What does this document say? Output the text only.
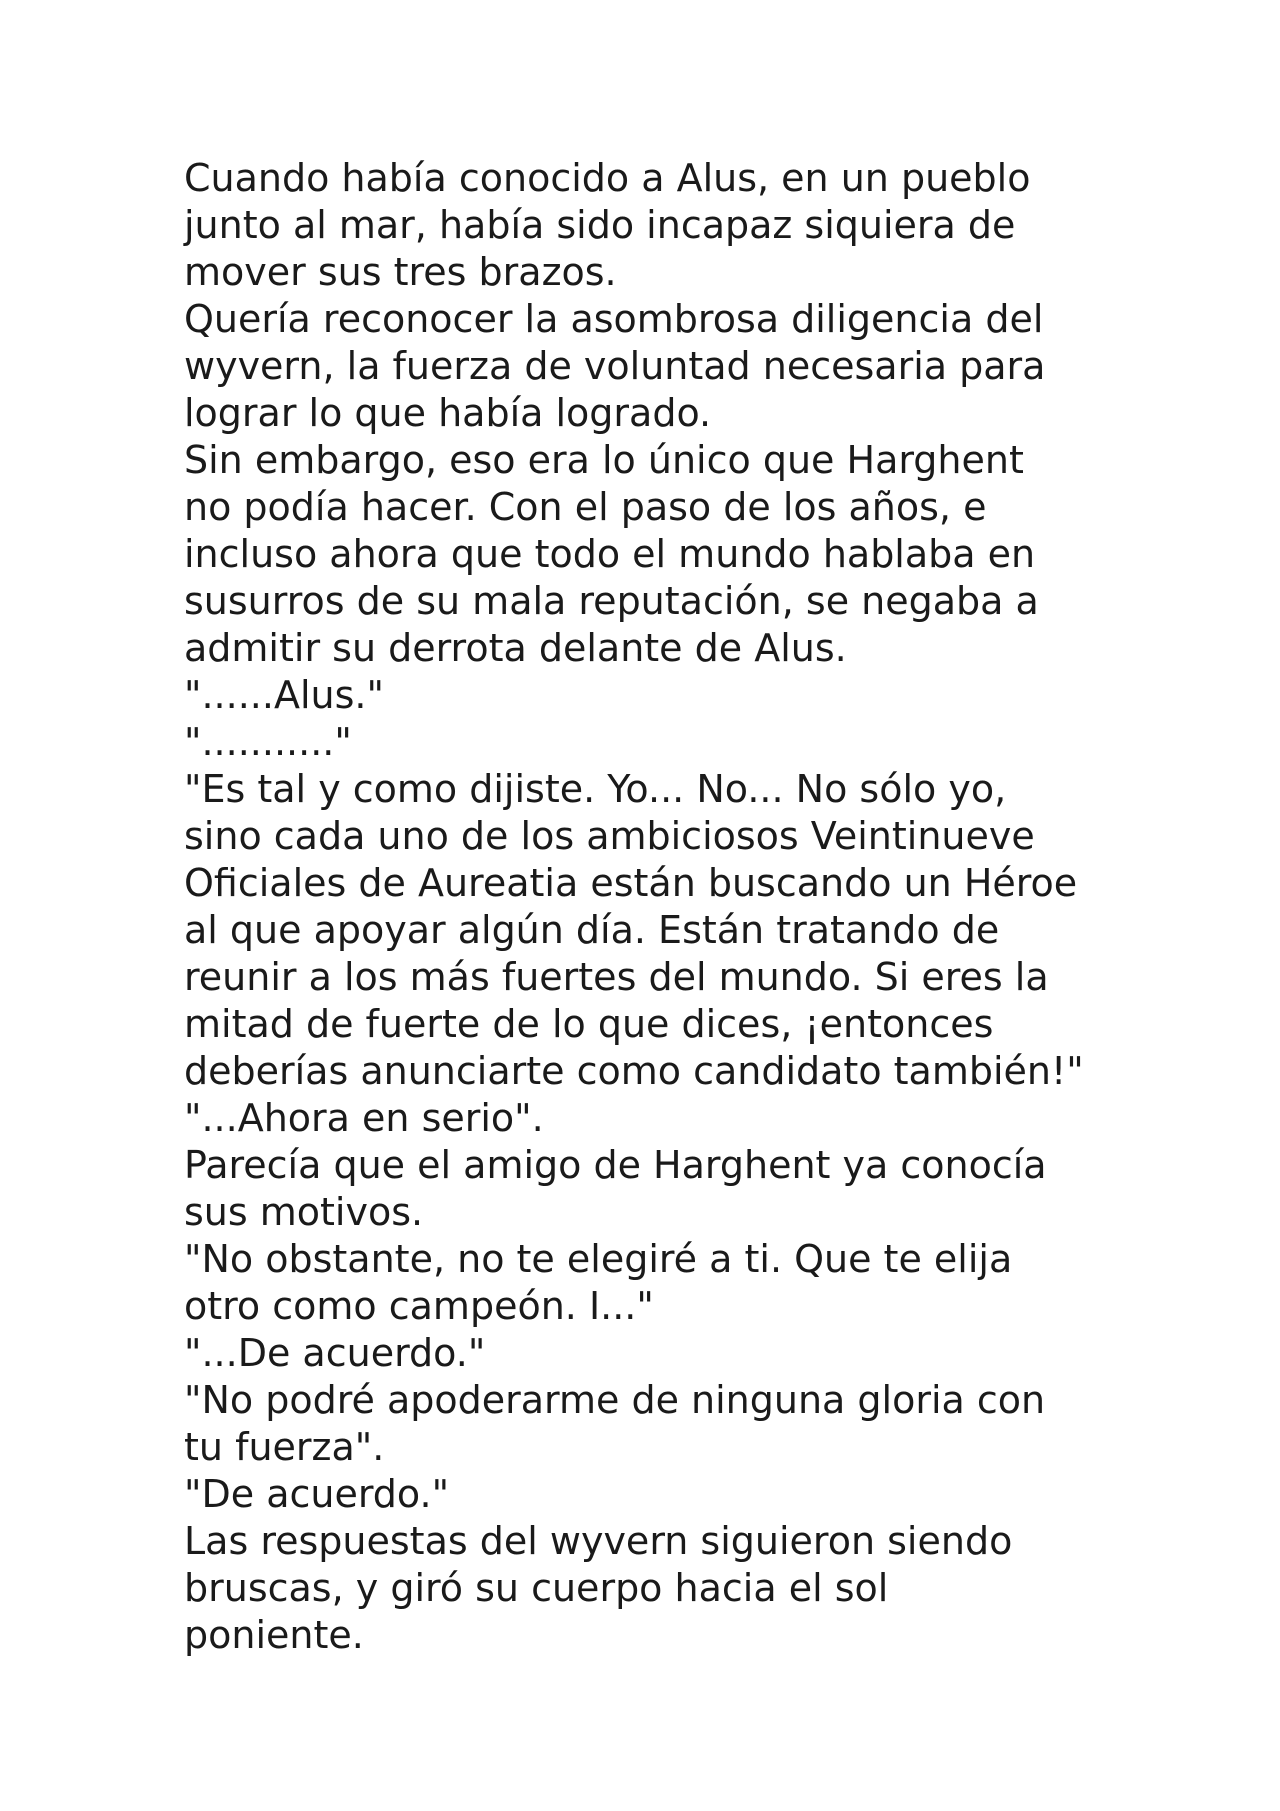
Cuando había conocido a Alus, en un pueblo

junto al mar, había sido incapaz siquiera de

mover sus tres brazos.

Quería reconocer la asombrosa diligencia del

wyvern, la fuerza de voluntad necesaria para

lograr lo que había logrado.

Sin embargo, eso era lo único que Harghent

no podía hacer. Con el paso de los años, e

incluso ahora que todo el mundo hablaba en

susurros de su mala reputación, se negaba a

admitir su derrota delante de Alus.

"......Alus."

"..........."

"Es tal y como dijiste. Yo... No... No sólo yo,

sino cada uno de los ambiciosos Veintinueve

Oficiales de Aureatia están buscando un Héroe

al que apoyar algún día. Están tratando de

reunir a los más fuertes del mundo. Si eres la

mitad de fuerte de lo que dices, ¡entonces

deberías anunciarte como candidato también!"

"...Ahora en serio".

Parecía que el amigo de Harghent ya conocía

sus motivos.

"No obstante, no te elegiré a ti. Que te elija

otro como campeón. I..."

"...De acuerdo."

"No podré apoderarme de ninguna gloria con

tu fuerza".

"De acuerdo."

Las respuestas del wyvern siguieron siendo

bruscas, y giró su cuerpo hacia el sol

poniente.
